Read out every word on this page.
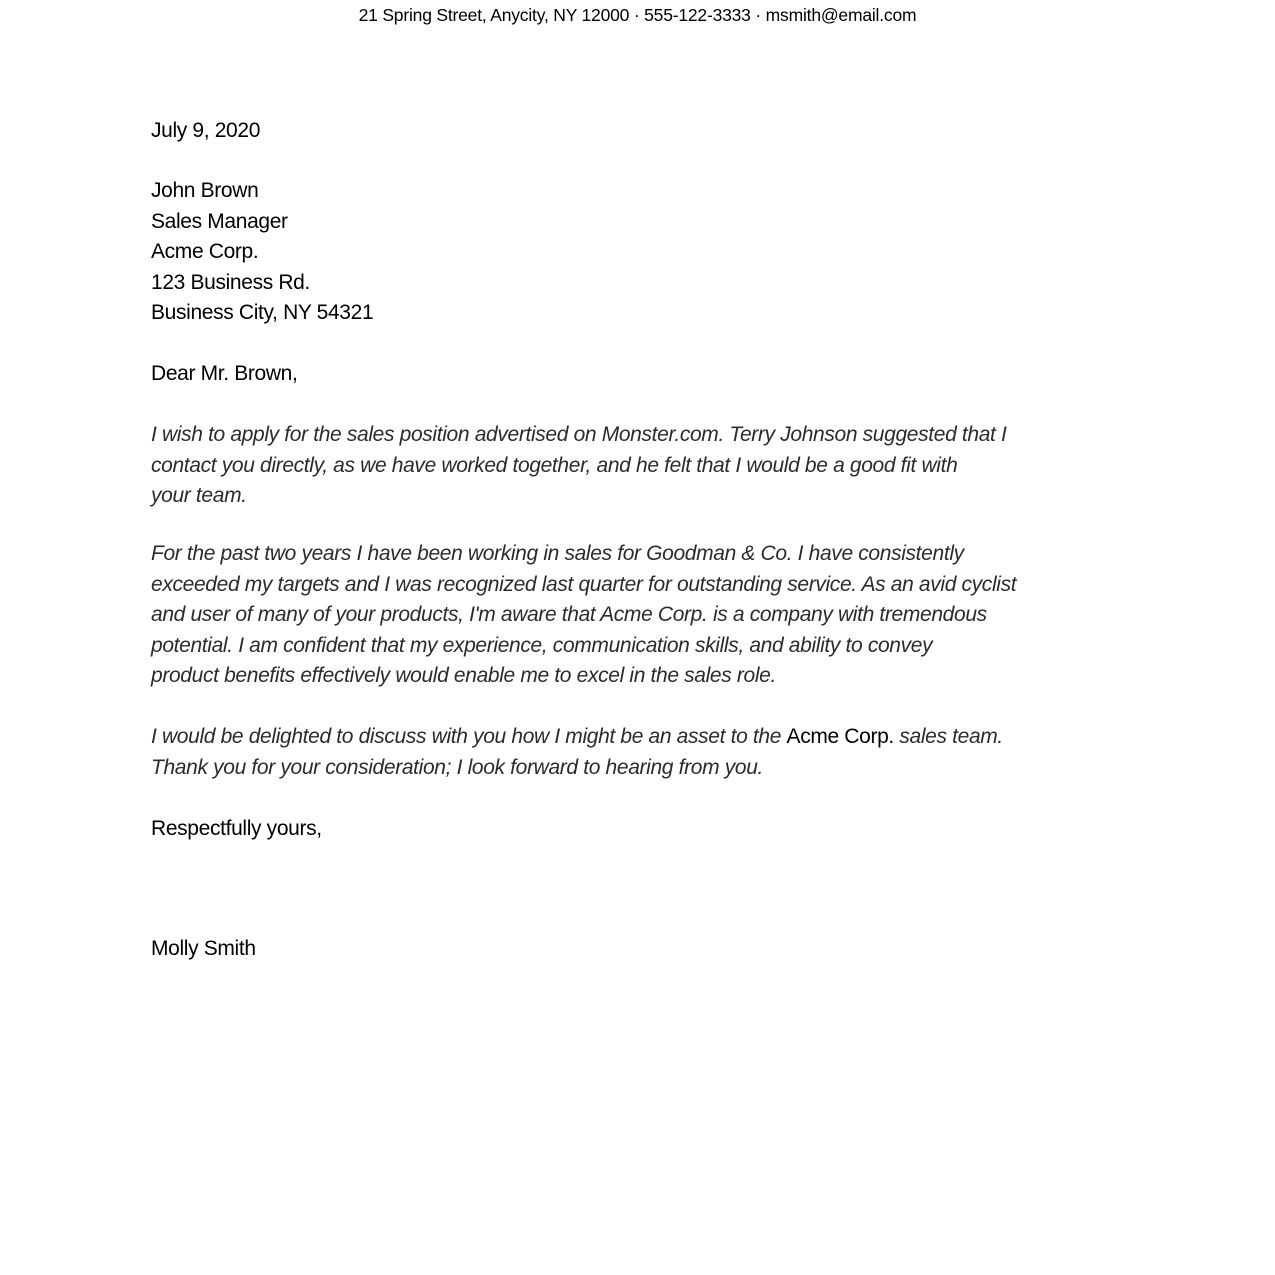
21 Spring Street, Anycity, NY 12000 · 555-122-3333 · msmith@email.com
July 9, 2020
John Brown
Sales Manager
Acme Corp.
123 Business Rd.
Business City, NY 54321
Dear Mr. Brown,
I wish to apply for the sales position advertised on Monster.com. Terry Johnson suggested that I
contact you directly, as we have worked together, and he felt that I would be a good fit with
your team.
For the past two years I have been working in sales for Goodman & Co. I have consistently
exceeded my targets and I was recognized last quarter for outstanding service. As an avid cyclist
and user of many of your products, I'm aware that Acme Corp. is a company with tremendous
potential. I am confident that my experience, communication skills, and ability to convey
product benefits effectively would enable me to excel in the sales role.
I would be delighted to discuss with you how I might be an asset to the Acme Corp. sales team.
Thank you for your consideration; I look forward to hearing from you.
Respectfully yours,
Molly Smith
